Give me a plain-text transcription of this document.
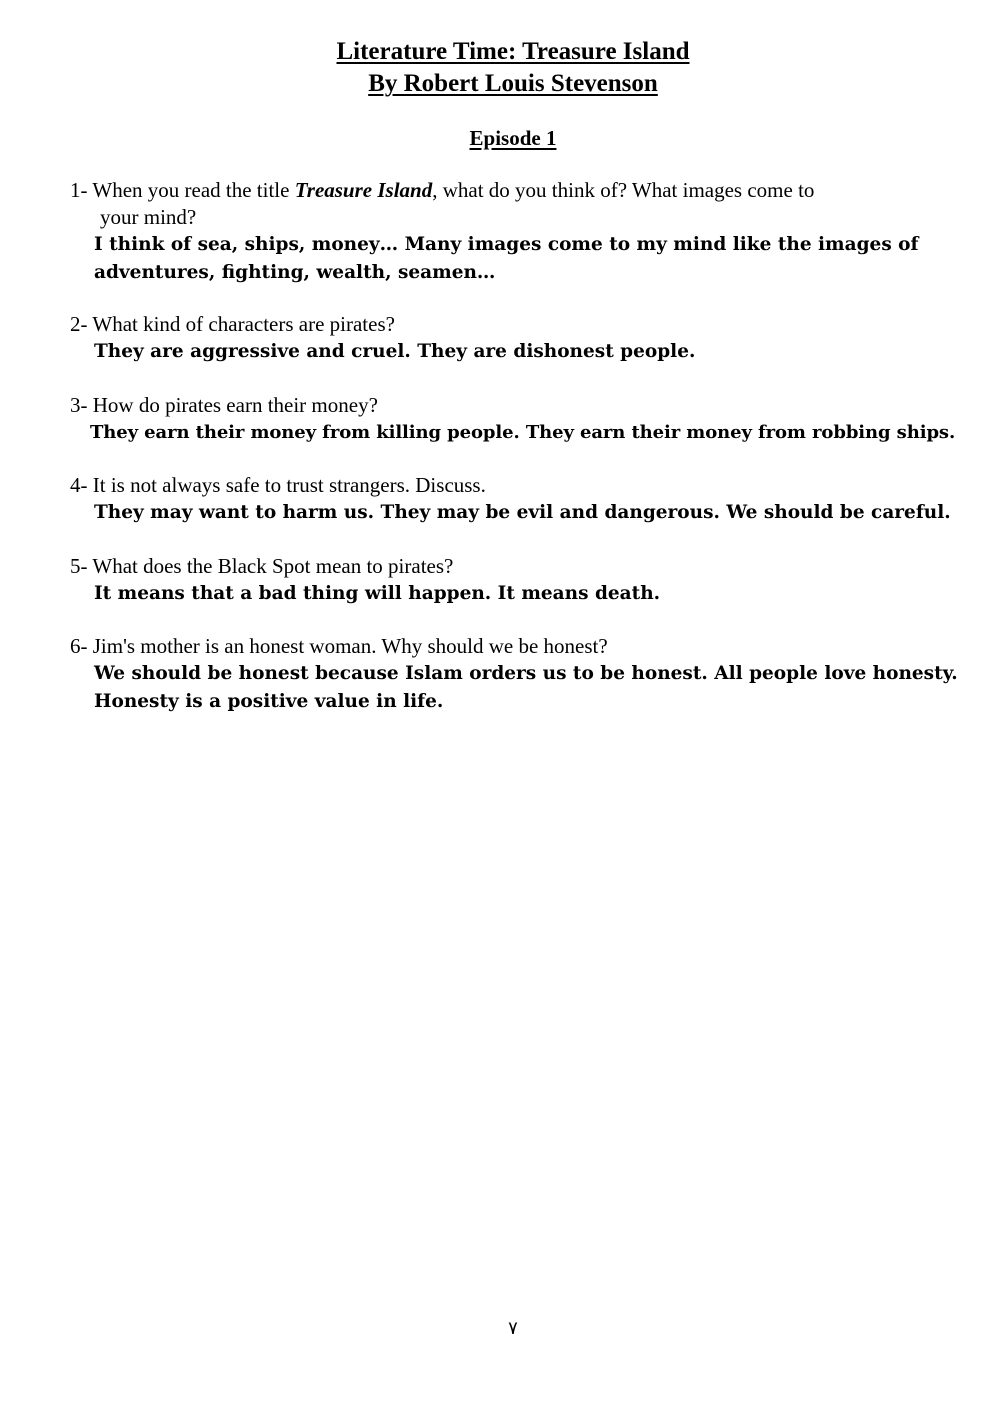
Literature Time: Treasure Island

By Robert Louis Stevenson

Episode 1

1- When you read the title Treasure Island, what do you think of? What images come to
your mind?

I think of sea, ships, money… Many images come to my mind like the images of

adventures, fighting, wealth, seamen…

2- What kind of characters are pirates?

They are aggressive and cruel. They are dishonest people.

3- How do pirates earn their money?

They earn their money from killing people. They earn their money from robbing ships.

4- It is not always safe to trust strangers. Discuss.

They may want to harm us. They may be evil and dangerous. We should be careful.

5- What does the Black Spot mean to pirates?

It means that a bad thing will happen. It means death.

6- Jim's mother is an honest woman. Why should we be honest?

We should be honest because Islam orders us to be honest. All people love honesty.

Honesty is a positive value in life.

٧
